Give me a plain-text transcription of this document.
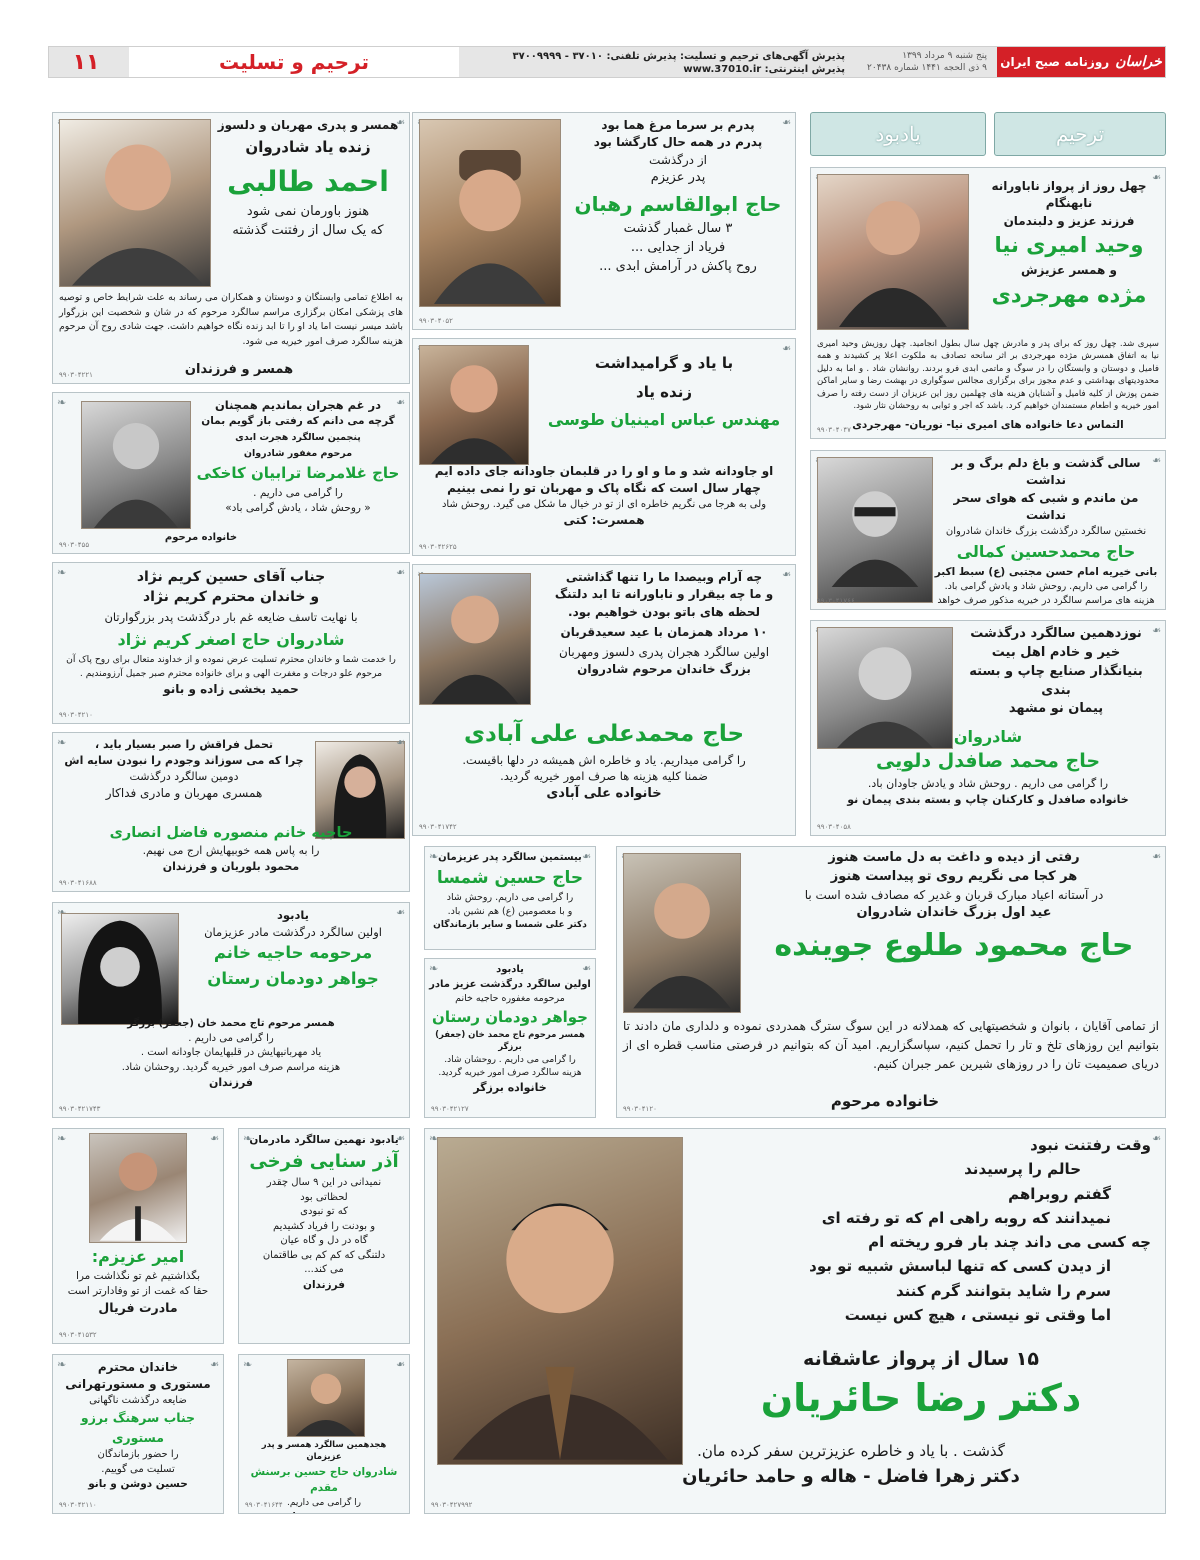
خراسان
روزنامه صبح ایران
پنج شنبه ۹ مرداد ۱۳۹۹
۹ ذی الحجه ۱۴۴۱ شماره ۲۰۴۳۸
پذیرش آگهی‌های ترحیم و تسلیت: پذیرش تلفنی: ۳۷۰۱۰ - ۳۷۰۰۹۹۹۹
پذیرش اینترنتی: www.37010.ir
ترحیم و تسلیت
۱۱
ترحیم
یادبود
❧ چهل روز از پرواز ناباورانه نابهنگام
فرزند عزیز و دلبندمان
وحید امیری نیا
و همسر عزیزش
مژده مهرجردی
سپری شد. چهل روز که برای پدر و مادرش چهل سال بطول انجامید. چهل روزیش وحید امیری نیا به اتفاق همسرش مژده مهرجردی بر اثر سانحه تصادف به ملکوت اعلا پر کشیدند و همه فامیل و دوستان و وابستگان را در سوگ و ماتمی ابدی فرو بردند. روانشان شاد . و اما به دلیل محدودیتهای بهداشتی و عدم مجوز برای برگزاری مجالس سوگواری در بهشت رضا و سایر اماکن ضمن پوزش از کلیه فامیل و آشنایان هزینه های چهلمین روز این عزیزان از دست رفته را صرف امور خیریه و اطعام مستمندان خواهیم کرد. باشد که اجر و ثوابی به روحشان نثار شود.
التماس دعا خانواده های امیری نیا- نوریان- مهرجردی
۹۹۰۳۰۴۰۴۷
❧
❧ سالی گذشت و باغ دلم برگ و بر نداشت
من ماندم و شبی که هوای سحر نداشت
نخستین سالگرد درگذشت بزرگ خاندان شادروان
حاج محمدحسین کمالی
بانی خیریه امام حسن مجتبی (ع) سبط اکبر
را گرامی می داریم. روحش شاد و یادش گرامی باد.
هزینه های مراسم سالگرد در خیریه مذکور صرف خواهد
۹۹۰۳۰۴۱۷۶۶
❧
❧ نوزدهمین سالگرد درگذشت
خیر و خادم اهل بیت
بنیانگذار صنایع چاپ و بسته بندی
پیمان نو مشهد
شادروان
حاج محمد صافدل دلویی
را گرامی می داریم . روحش شاد و یادش جاودان باد.
خانواده صافدل و کارکنان چاپ و بسته بندی پیمان نو
۹۹۰۳۰۴۰۵۸
❧
❧ پدرم بر سرما مرغ هما بود
پدرم در همه حال کارگشا بود
از درگذشت
پدر عزیزم
حاج ابوالقاسم رهبان
۳ سال غمبار گذشت
فریاد از جدایی ...
روح پاکش در آرامش ابدی ...
۹۹۰۳۰۴۰۵۲
❧
❧ با یاد و گرامیداشت
زنده یاد
مهندس عباس امینیان طوسی
او جاودانه شد و ما و او را در قلبمان جاودانه جای داده ایم
چهار سال است که نگاه پاک و مهربان تو را نمی بینیم
ولی به هرجا می نگریم خاطره ای از تو در خیال ما شکل می گیرد. روحش شاد
همسرت: کتی
۹۹۰۳۰۴۲۶۲۵
❧
❧ چه آرام وبیصدا ما را تنها گذاشتی
و ما چه بیقرار و ناباورانه تا ابد دلتنگ
لحظه های باتو بودن خواهیم بود.
۱۰ مرداد همزمان با عید سعیدقربان
اولین سالگرد هجران پدری دلسوز ومهربان
بزرگ خاندان مرحوم شادروان
حاج محمدعلی علی آبادی
را گرامی میداریم. یاد و خاطره اش همیشه در دلها باقیست.
ضمنا کلیه هزینه ها صرف امور خیریه گردید.
خانواده علی آبادی
۹۹۰۳۰۴۱۷۴۲
❧
❧ بیستمین سالگرد پدر عزیزمان
حاج حسین شمسا
را گرامی می داریم. روحش شاد
و با معصومین (ع) هم نشین باد.
دکتر علی شمسا و سایر بازماندگان
❧
❧ یادبود
اولین سالگرد درگذشت عزیز مادر
مرحومه مغفوره حاجیه خانم
جواهر دودمان رستان
همسر مرحوم تاج محمد خان (جعفر) برزگر
را گرامی می داریم . روحشان شاد.
هزینه سالگرد صرف امور خیریه گردید.
خانواده برزگر
۹۹۰۳۰۴۲۱۲۷
❧
❧ رفتی از دیده و داغت به دل ماست هنوز
هر کجا می نگریم روی تو پیداست هنوز
در آستانه اعیاد مبارک قربان و غدیر که مصادف شده است با
عید اول بزرگ خاندان شادروان
حاج محمود طلوع جوینده
از تمامی آقایان ، بانوان و شخصیتهایی که همدلانه در این سوگ سترگ همدردی نموده و دلداری مان دادند تا بتوانیم این روزهای تلخ و تار را تحمل کنیم، سپاسگزاریم. امید آن که بتوانیم در فرصتی مناسب قطره ای از دریای صمیمیت تان را در روزهای شیرین عمر جبران کنیم.
خانواده مرحوم
۹۹۰۳۰۴۱۲۰
❧
❧ وقت رفتنت نبود
حالم را پرسیدند
گفتم روبراهم
نمیدانند که روبه راهی ام که تو رفته ای
چه کسی می داند چند بار فرو ریخته ام
از دیدن کسی که تنها لباسش شبیه تو بود
سرم را شاید بتوانند گرم کنند
اما وقتی تو نیستی ، هیچ کس نیست
۱۵ سال از پرواز عاشقانه
دکتر رضا حائریان
گذشت . با یاد و خاطره عزیزترین سفر کرده مان.
دکتر زهرا فاضل - هاله و حامد حائریان
۹۹۰۳۰۴۲۷۹۹۲
❧
❧ همسر و پدری مهربان و دلسوز
زنده یاد شادروان
احمد طالبی
هنوز باورمان نمی شود
که یک سال از رفتنت گذشته
به اطلاع تمامی وابستگان و دوستان و همکاران می رساند به علت شرایط خاص و توصیه های پزشکی امکان برگزاری مراسم سالگرد مرحوم که در شان و شخصیت این بزرگوار باشد میسر نیست اما یاد او را تا ابد زنده نگاه خواهیم داشت. جهت شادی روح آن مرحوم هزینه سالگرد صرف امور خیریه می شود.
همسر و فرزندان
۹۹۰۳۰۴۲۲۱
❧
❧ در غم هجران بماندیم همچنان
گرچه می دانم که رفتی باز گویم بمان
پنجمین سالگرد هجرت ابدی
مرحوم مغفور شادروان
حاج غلامرضا ترابیان کاخکی
را گرامی می داریم .
« روحش شاد ، یادش گرامی باد»
خانواده مرحوم
۹۹۰۳۰۴۵۵
❧
❧ جناب آقای حسین کریم نژاد
و خاندان محترم کریم نژاد
با نهایت تاسف ضایعه غم بار درگذشت پدر بزرگوارتان
شادروان حاج اصغر کریم نژاد
را خدمت شما و خاندان محترم تسلیت عرض نموده و از خداوند متعال برای روح پاک آن مرحوم علو درجات و مغفرت الهی و برای خانواده محترم صبر جمیل آرزومندیم .
حمید بخشی زاده و بانو
۹۹۰۳۰۴۲۱۰
❧
❧ تحمل فراقش را صبر بسیار باید ،
چرا که می سوزاند وجودم را نبودن سایه اش
دومین سالگرد درگذشت
همسری مهربان و مادری فداکار
حاجیه خانم منصوره فاضل انصاری
را به پاس همه خوبیهایش ارج می نهیم.
محمود بلوریان و فرزندان
۹۹۰۳۰۴۱۶۸۸
❧
❧ یادبود
اولین سالگرد درگذشت مادر عزیزمان
مرحومه حاجیه خانم
جواهر دودمان رستان
همسر مرحوم تاج محمد خان (جعفر) برزگر
را گرامی می داریم .
یاد مهربانیهایش در قلبهایمان جاودانه است .
هزینه مراسم صرف امور خیریه گردید. روحشان شاد.
فرزندان
۹۹۰۳۰۴۲۱۷۴۳
❧
❧ یادبود نهمین سالگرد مادرمان
آذر سنایی فرخی
نمیدانی در این ۹ سال چقدر
لحظاتی بود
که تو نبودی
و بودنت را فریاد کشیدیم
گاه در دل و گاه عیان
دلتنگی که کم کم بی طاقتمان
می کند...
فرزندان
❧
❧ امیر عزیزم:
بگذاشتیم غم تو نگذاشت مرا
حقا که غمت از تو وفادارتر است
مادرت فریال
۹۹۰۳۰۴۱۵۳۲
❧
❧ خاندان محترم
مستوری و مستورتهرانی
ضایعه درگذشت ناگهانی
جناب سرهنگ برزو مستوری
را حضور بازماندگان
تسلیت می گوییم.
حسین دوشن و بانو
۹۹۰۳۰۴۲۱۱۰
❧
❧ هجدهمین سالگرد همسر و پدر عزیزمان
شادروان حاج حسین برسنش مقدم
را گرامی می داریم.
۹۹۰۳۰۴۱۶۴۴
❧
